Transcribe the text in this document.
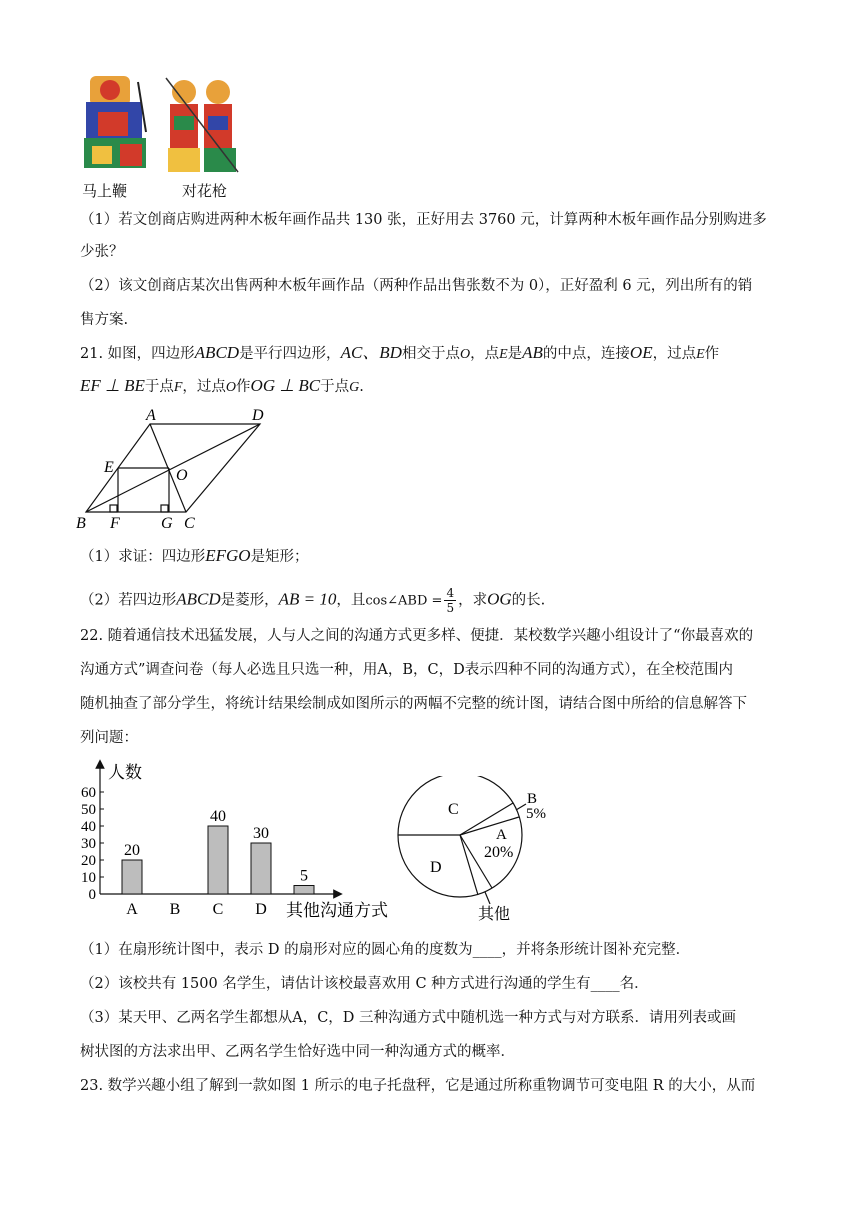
马上鞭	对花枪
（1）若文创商店购进两种木板年画作品共 130 张，正好用去 3760 元，计算两种木板年画作品分别购进多
少张？
（2）该文创商店某次出售两种木板年画作品（两种作品出售张数不为 0），正好盈利 6 元，列出所有的销
售方案.
21. 如图，四边形ABCD是平行四边形，AC、BD相交于点O，点E是AB的中点，连接OE，过点E作
EF ⊥ BE于点F，过点O作OG ⊥ BC于点G.
A	D
E	O
B F	G C
（1）求证：四边形EFGO是矩形；
（2）若四边形ABCD是菱形，AB = 10，且cos∠ABD = $\frac{4}{5}$ ，求OG的长.
22. 随着通信技术迅猛发展，人与人之间的沟通方式更多样、便捷．某校数学兴趣小组设计了“你最喜欢的
沟通方式”调查问卷（每人必选且只选一种，用A，B，C，D表示四种不同的沟通方式），在全校范围内
随机抽查了部分学生，将统计结果绘制成如图所示的两幅不完整的统计图，请结合图中所给的信息解答下
列问题：
人数
其他沟通方式
0
10
20
30
40
50
60
A
20
B C
40
D
30
5
C
B
5%
A
20%
D
其他
（1）在扇形统计图中，表示 D 的扇形对应的圆心角的度数为____，并将条形统计图补充完整．
（2）该校共有 1500 名学生，请估计该校最喜欢用 C 种方式进行沟通的学生有____名．
（3）某天甲、乙两名学生都想从A，C，D 三种沟通方式中随机选一种方式与对方联系．请用列表或画
树状图的方法求出甲、乙两名学生恰好选中同一种沟通方式的概率．
23. 数学兴趣小组了解到一款如图 1 所示的电子托盘秤，它是通过所称重物调节可变电阻 R 的大小，从而
